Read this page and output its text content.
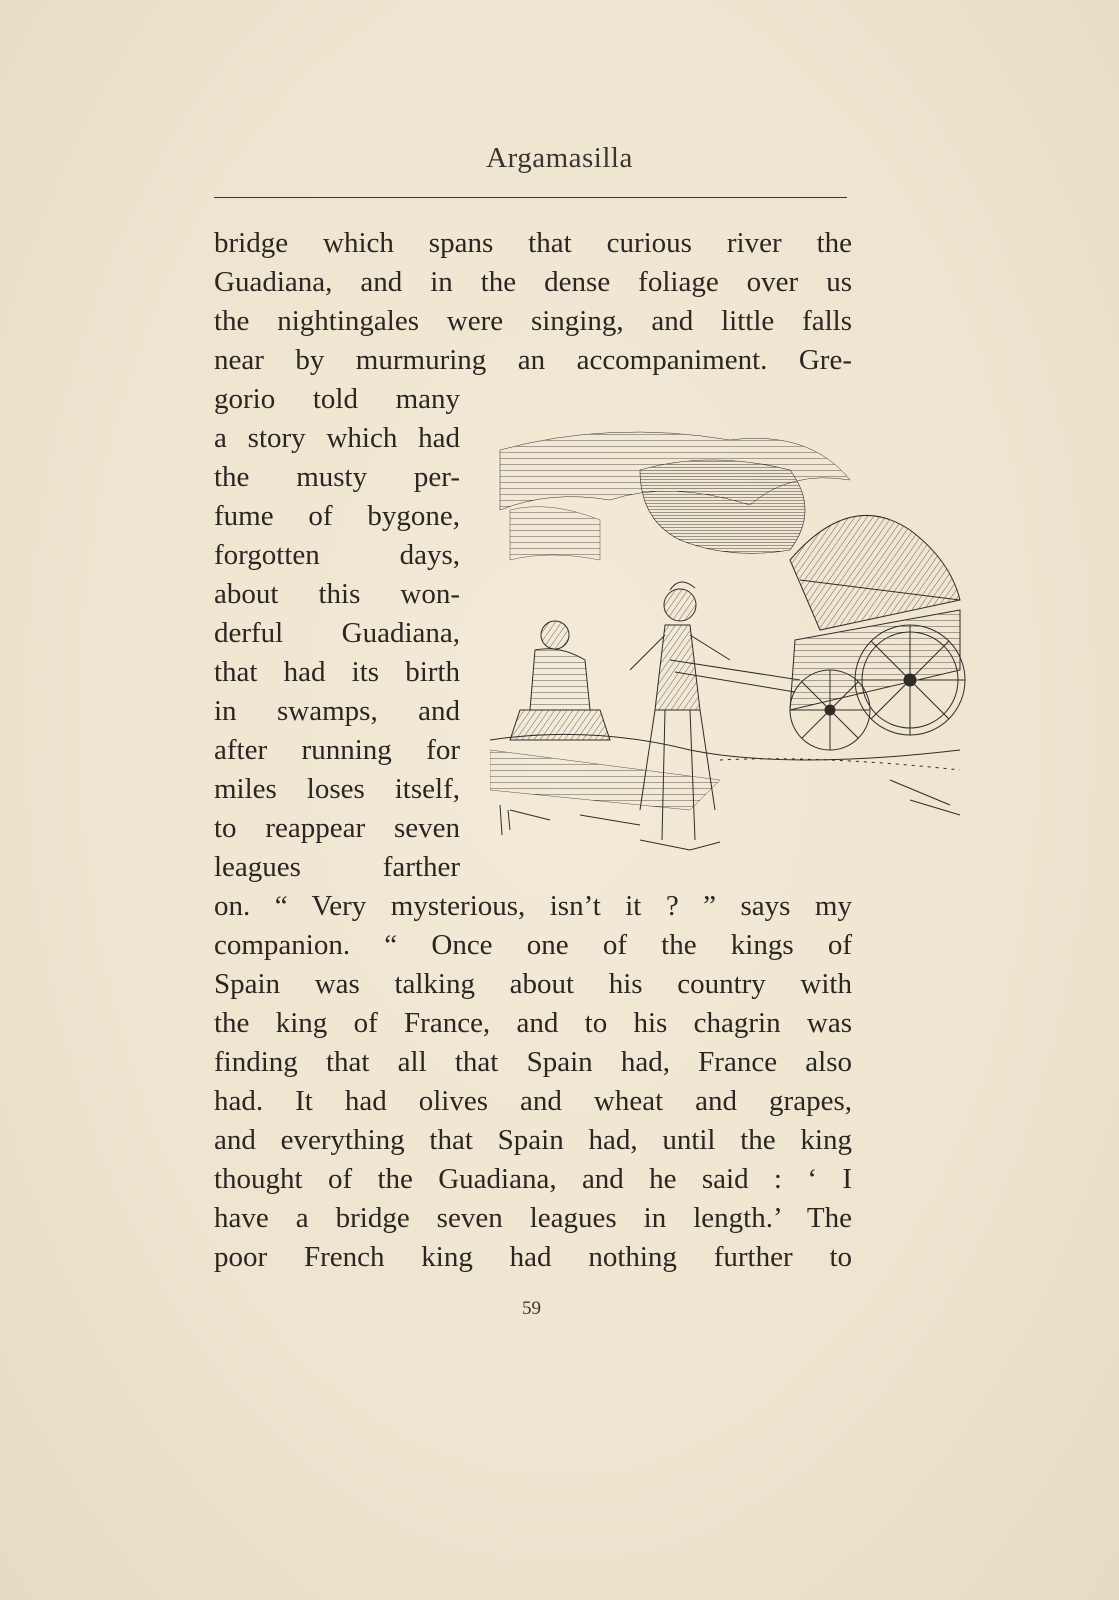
Argamasilla
bridge which spans that curious river the
Guadiana, and in the dense foliage over us
the nightingales were singing, and little falls
near by murmuring an accompaniment. Gre-
gorio told many
a story which had
the musty per-
fume of bygone,
forgotten days,
about this won-
derful Guadiana,
that had its birth
in swamps, and
after running for
miles loses itself,
to reappear seven
leagues farther
on. “ Very mysterious, isn’t it ? ” says my
companion. “ Once one of the kings of
Spain was talking about his country with
the king of France, and to his chagrin was
finding that all that Spain had, France also
had. It had olives and wheat and grapes,
and everything that Spain had, until the king
thought of the Guadiana, and he said : ‘ I
have a bridge seven leagues in length.’ The
poor French king had nothing further to
59
